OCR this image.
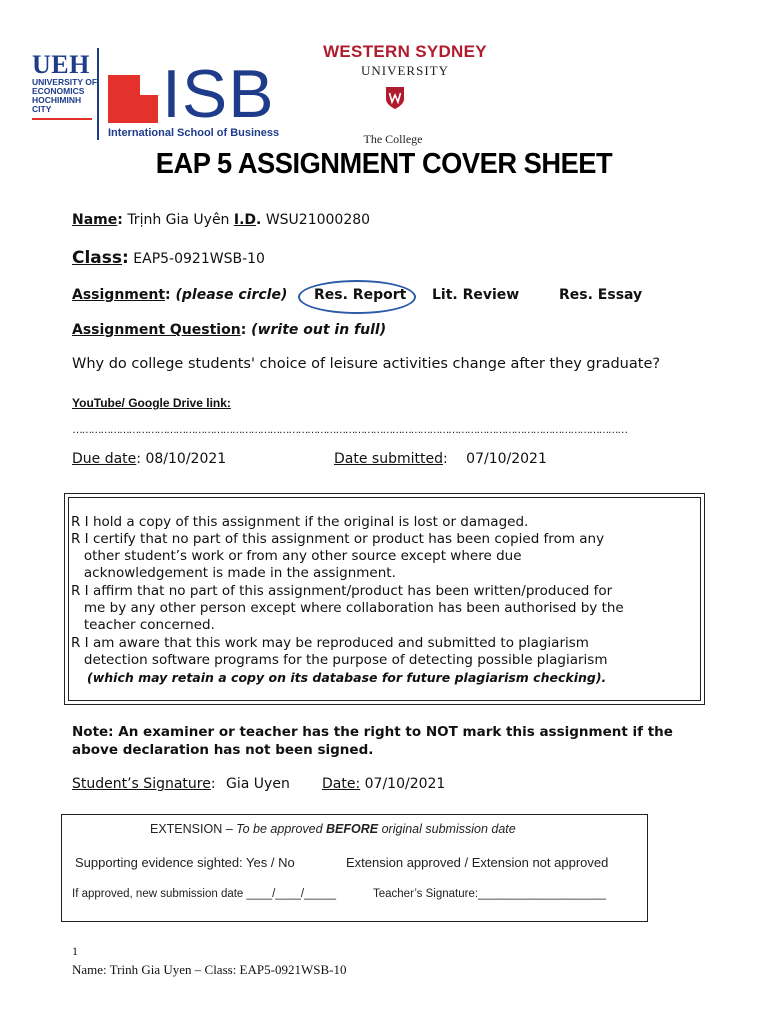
UEH
UNIVERSITY OF
ECONOMICS
HOCHIMINH CITY	ISB
International School of Business
WESTERN SYDNEY
UNIVERSITY
The College
EAP 5 ASSIGNMENT COVER SHEET
Name: Trịnh Gia Uyên I.D. WSU21000280
Class: EAP5-0921WSB-10
Assignment: (please circle) Res. Report Lit. Review	Res. Essay
Assignment Question: (write out in full)
Why do college students' choice of leisure activities change after they graduate?
YouTube/ Google Drive link:
……………………………………………………………………………………………………………………………………………………………
Due date: 08/10/2021	Date submitted: 07/10/2021
R I hold a copy of this assignment if the original is lost or damaged.
R I certify that no part of this assignment or product has been copied from any
other student’s work or from any other source except where due
acknowledgement is made in the assignment.
R I affirm that no part of this assignment/product has been written/produced for
me by any other person except where collaboration has been authorised by the
teacher concerned.
R I am aware that this work may be reproduced and submitted to plagiarism
detection software programs for the purpose of detecting possible plagiarism
(which may retain a copy on its database for future plagiarism checking).
Note: An examiner or teacher has the right to NOT mark this assignment if the
above declaration has not been signed.
Student’s Signature: Gia Uyen Date: 07/10/2021
EXTENSION – To be approved BEFORE original submission date
Supporting evidence sighted: Yes / No	Extension approved / Extension not approved
If approved, new submission date ____/____/_____	Teacher’s Signature:____________________
1
Name: Trinh Gia Uyen – Class: EAP5-0921WSB-10
